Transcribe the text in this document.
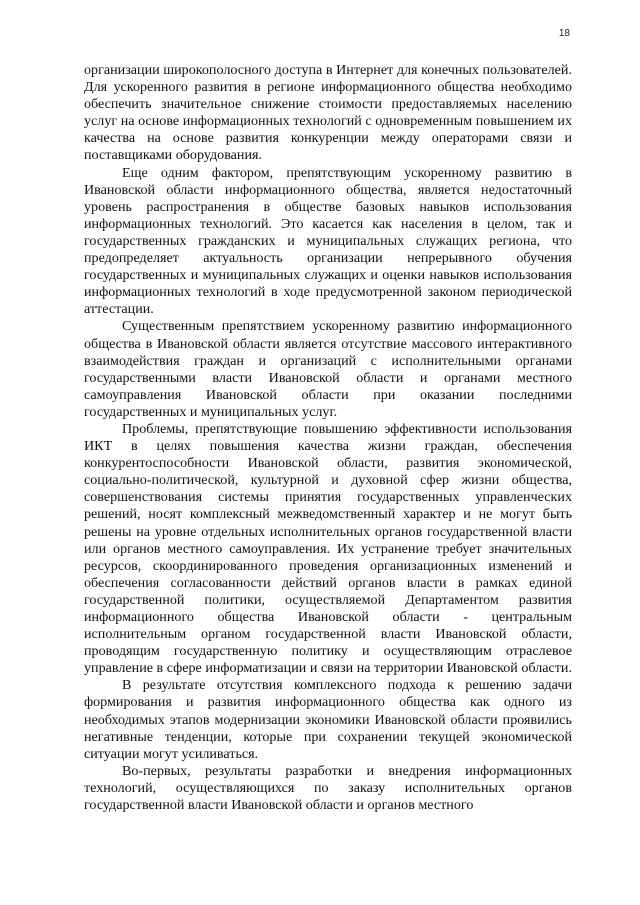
18

организации широкополосного доступа в Интернет для конечных пользователей. Для ускоренного развития в регионе информационного общества необходимо обеспечить значительное снижение стоимости предоставляемых населению услуг на основе информационных технологий с одновременным повышением их качества на основе развития конкуренции между операторами связи и поставщиками оборудования.

Еще одним фактором, препятствующим ускоренному развитию в Ивановской области информационного общества, является недостаточный уровень распространения в обществе базовых навыков использования информационных технологий. Это касается как населения в целом, так и государственных гражданских и муниципальных служащих региона, что предопределяет актуальность организации непрерывного обучения государственных и муниципальных служащих и оценки навыков использования информационных технологий в ходе предусмотренной законом периодической аттестации.

Существенным препятствием ускоренному развитию информационного общества в Ивановской области является отсутствие массового интерактивного взаимодействия граждан и организаций с исполнительными органами государственными власти Ивановской области и органами местного самоуправления Ивановской области при оказании последними государственных и муниципальных услуг.

Проблемы, препятствующие повышению эффективности использования ИКТ в целях повышения качества жизни граждан, обеспечения конкурентоспособности Ивановской области, развития экономической, социально-политической, культурной и духовной сфер жизни общества, совершенствования системы принятия государственных управленческих решений, носят комплексный межведомственный характер и не могут быть решены на уровне отдельных исполнительных органов государственной власти или органов местного самоуправления. Их устранение требует значительных ресурсов, скоординированного проведения организационных изменений и обеспечения согласованности действий органов власти в рамках единой государственной политики, осуществляемой Департаментом развития информационного общества Ивановской области - центральным исполнительным органом государственной власти Ивановской области, проводящим государственную политику и осуществляющим отраслевое управление в сфере информатизации и связи на территории Ивановской области.

В результате отсутствия комплексного подхода к решению задачи формирования и развития информационного общества как одного из необходимых этапов модернизации экономики Ивановской области проявились негативные тенденции, которые при сохранении текущей экономической ситуации могут усиливаться.

Во-первых, результаты разработки и внедрения информационных технологий, осуществляющихся по заказу исполнительных органов государственной власти Ивановской области и органов местного
